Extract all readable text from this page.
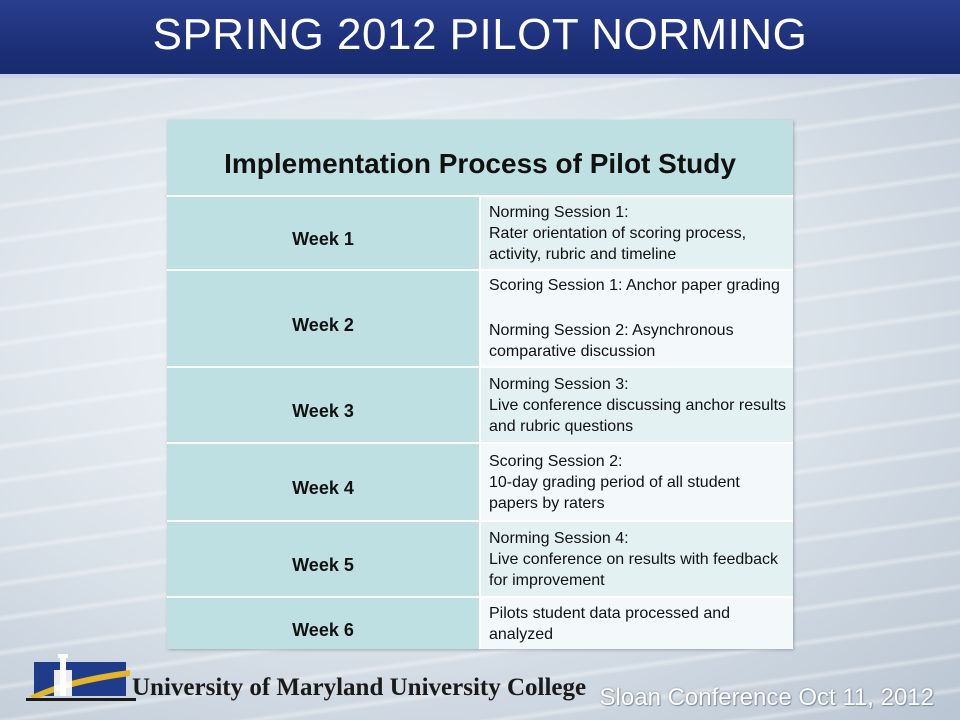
SPRING 2012 PILOT NORMING
Implementation Process of Pilot Study	
Week 1	Norming Session 1:
Rater orientation of scoring process, activity, rubric and timeline

Week 2	Scoring Session 1: Anchor paper grading
Norming Session 2: Asynchronous comparative discussion

Week 3	Norming Session 3:
Live conference discussing anchor results and rubric questions

Week 4	Scoring Session 2:
10-day grading period of all student papers by raters

Week 5	Norming Session 4:
Live conference on results with feedback for improvement

Week 6	Pilots student data processed and analyzed
University of Maryland University College Sloan Conference Oct 11, 2012
